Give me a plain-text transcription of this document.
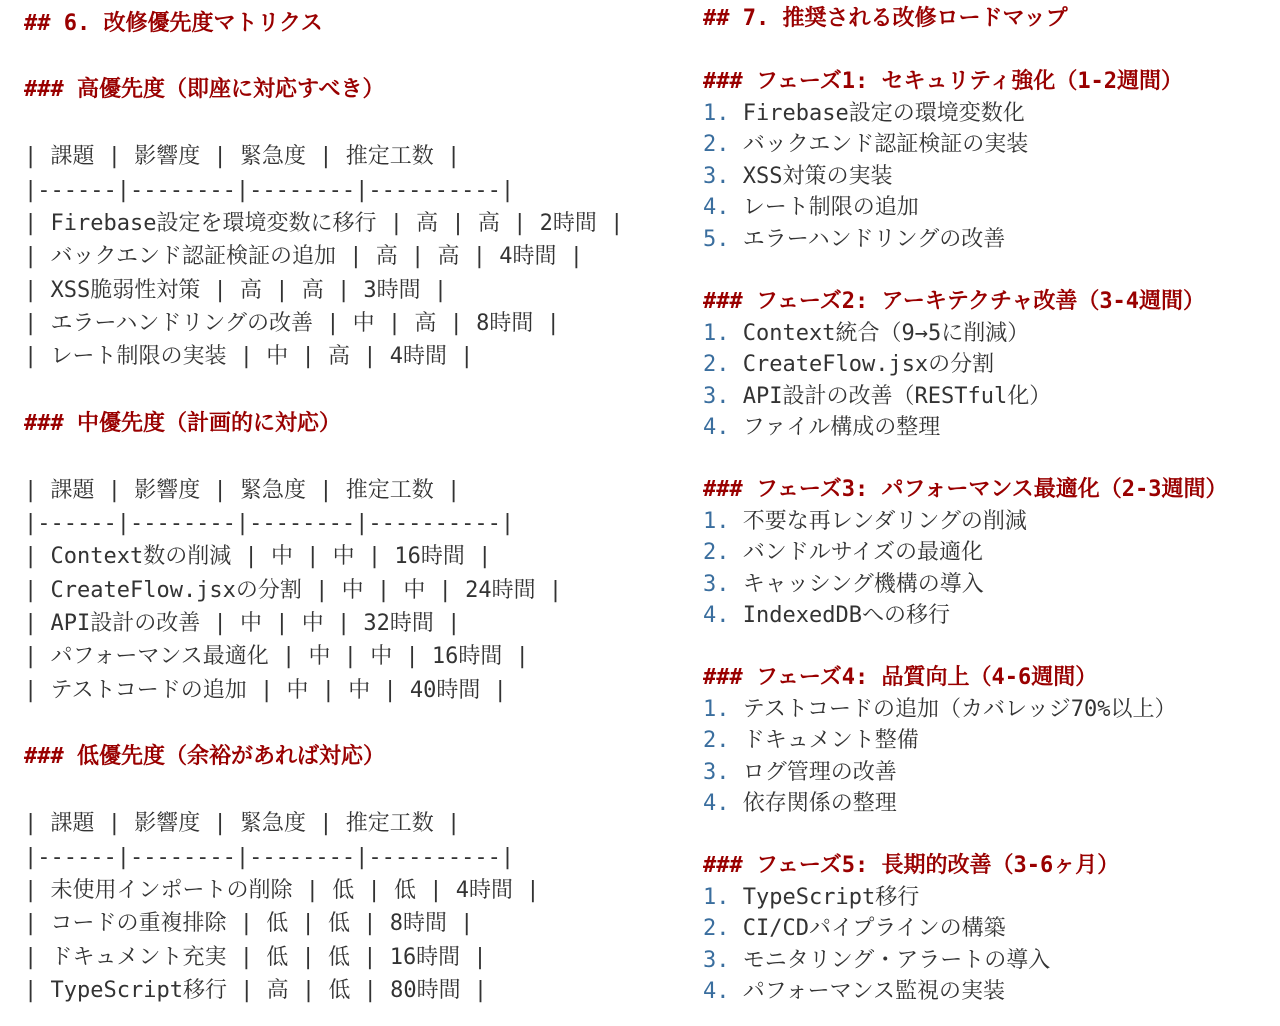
## 6. 改修優先度マトリクス
### 高優先度（即座に対応すべき）
| 課題 | 影響度 | 緊急度 | 推定工数 |
|------|--------|--------|----------|
| Firebase設定を環境変数に移行 | 高 | 高 | 2時間 |
| バックエンド認証検証の追加 | 高 | 高 | 4時間 |
| XSS脆弱性対策 | 高 | 高 | 3時間 |
| エラーハンドリングの改善 | 中 | 高 | 8時間 |
| レート制限の実装 | 中 | 高 | 4時間 |
### 中優先度（計画的に対応）
| 課題 | 影響度 | 緊急度 | 推定工数 |
|------|--------|--------|----------|
| Context数の削減 | 中 | 中 | 16時間 |
| CreateFlow.jsxの分割 | 中 | 中 | 24時間 |
| API設計の改善 | 中 | 中 | 32時間 |
| パフォーマンス最適化 | 中 | 中 | 16時間 |
| テストコードの追加 | 中 | 中 | 40時間 |
### 低優先度（余裕があれば対応）
| 課題 | 影響度 | 緊急度 | 推定工数 |
|------|--------|--------|----------|
| 未使用インポートの削除 | 低 | 低 | 4時間 |
| コードの重複排除 | 低 | 低 | 8時間 |
| ドキュメント充実 | 低 | 低 | 16時間 |
| TypeScript移行 | 高 | 低 | 80時間 |
## 7. 推奨される改修ロードマップ
### フェーズ1: セキュリティ強化（1-2週間）
1. Firebase設定の環境変数化
2. バックエンド認証検証の実装
3. XSS対策の実装
4. レート制限の追加
5. エラーハンドリングの改善
### フェーズ2: アーキテクチャ改善（3-4週間）
1. Context統合（9→5に削減）
2. CreateFlow.jsxの分割
3. API設計の改善（RESTful化）
4. ファイル構成の整理
### フェーズ3: パフォーマンス最適化（2-3週間）
1. 不要な再レンダリングの削減
2. バンドルサイズの最適化
3. キャッシング機構の導入
4. IndexedDBへの移行
### フェーズ4: 品質向上（4-6週間）
1. テストコードの追加（カバレッジ70%以上）
2. ドキュメント整備
3. ログ管理の改善
4. 依存関係の整理
### フェーズ5: 長期的改善（3-6ヶ月）
1. TypeScript移行
2. CI/CDパイプラインの構築
3. モニタリング・アラートの導入
4. パフォーマンス監視の実装
